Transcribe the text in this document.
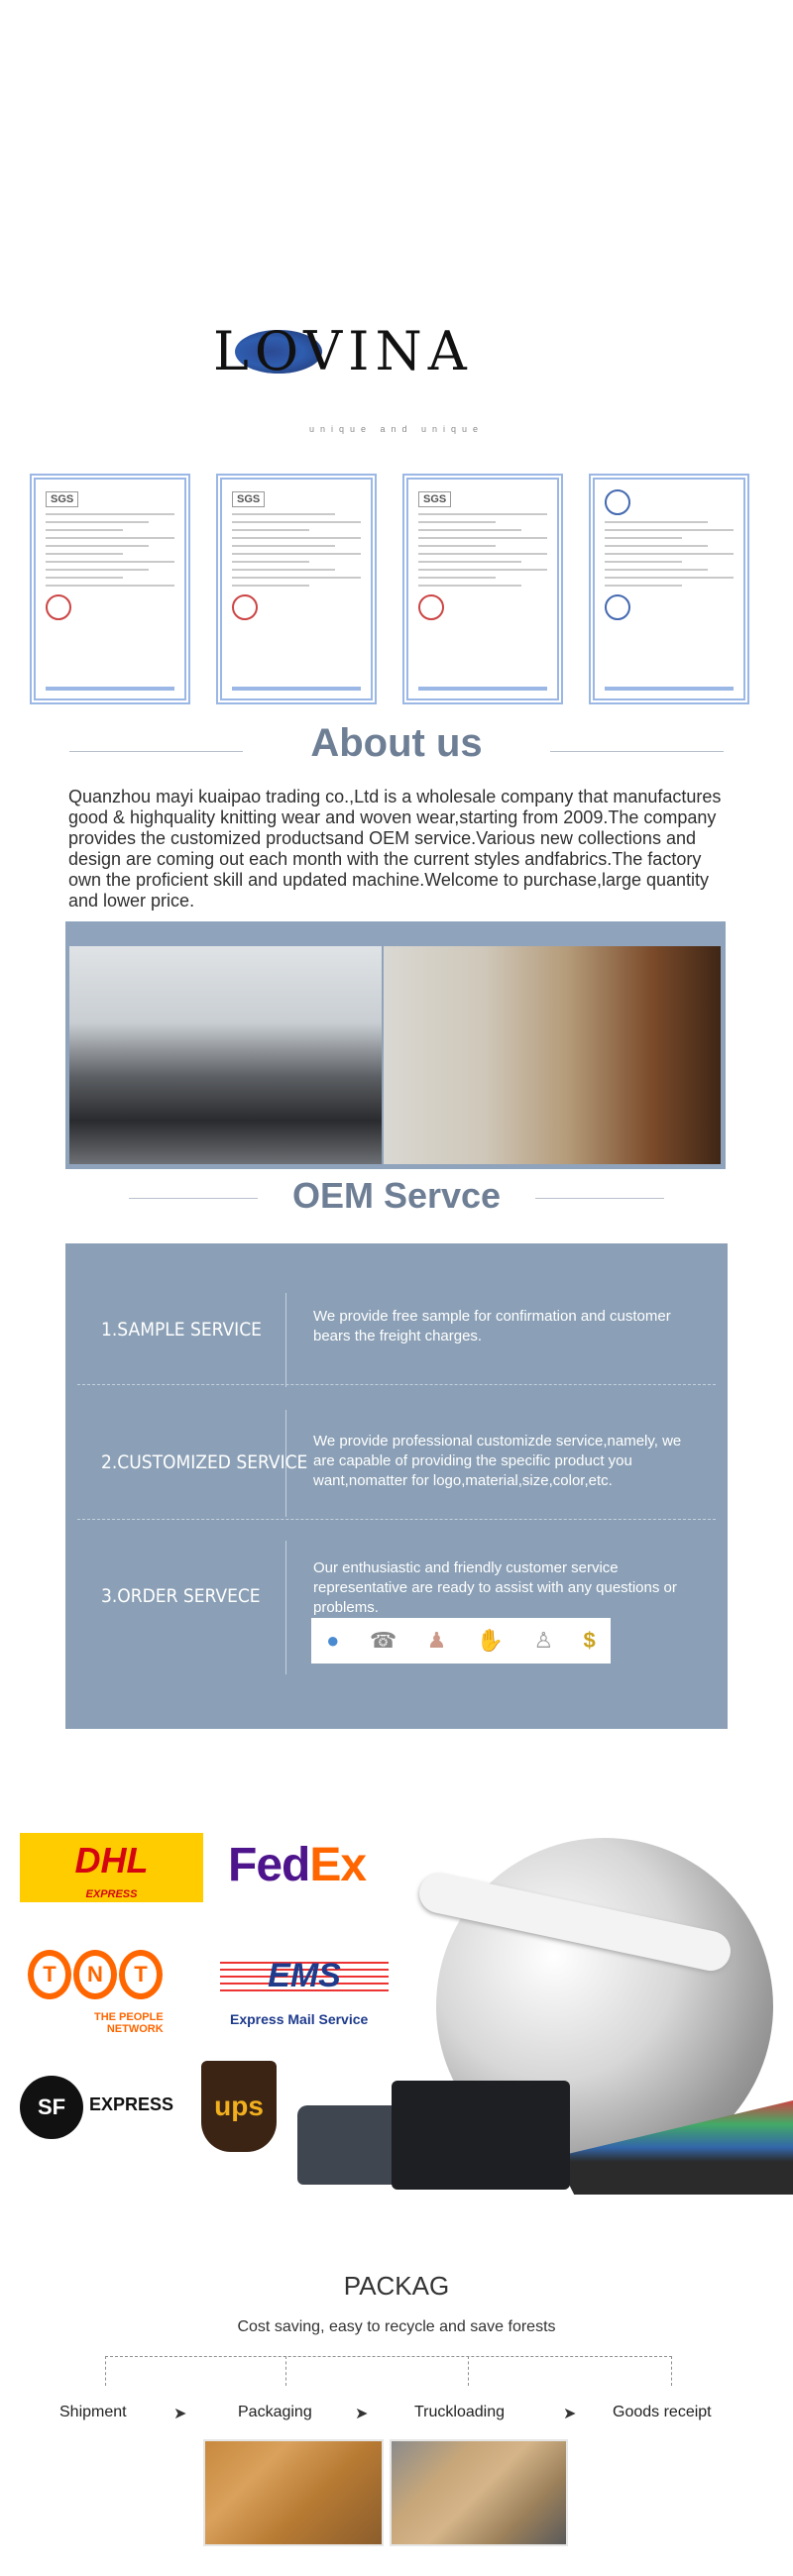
LOVINA
unique and unique
SGS	SGS	SGS
About us
Quanzhou mayi kuaipao trading co.,Ltd is a wholesale company that manufactures good & highquality knitting wear and woven wear,starting from 2009.The company provides the customized productsand OEM service.Various new collections and design are coming out each month with the current styles andfabrics.The factory own the proficient skill and updated machine.Welcome to purchase,large quantity and lower price.
OEM Servce
1.SAMPLE SERVICE
We provide free sample for confirmation and customer bears the freight charges.
2.CUSTOMIZED SERVICE
We provide professional customizde service,namely, we are capable of providing the specific product you want,nomatter for logo,material,size,color,etc.
3.ORDER SERVECE
Our enthusiastic and friendly customer service representative are ready to assist with any questions or problems.
● ☎ ♟ ✋ ♙ $
DHL
EXPRESS
FedEx
T	N	T
THE PEOPLE
NETWORK
EMS
Express Mail Service
SF	EXPRESS	ups
PACKAG
Cost saving, easy to recycle and save forests
Shipment	➤	Packaging	➤	Truckloading	➤ Goods receipt
